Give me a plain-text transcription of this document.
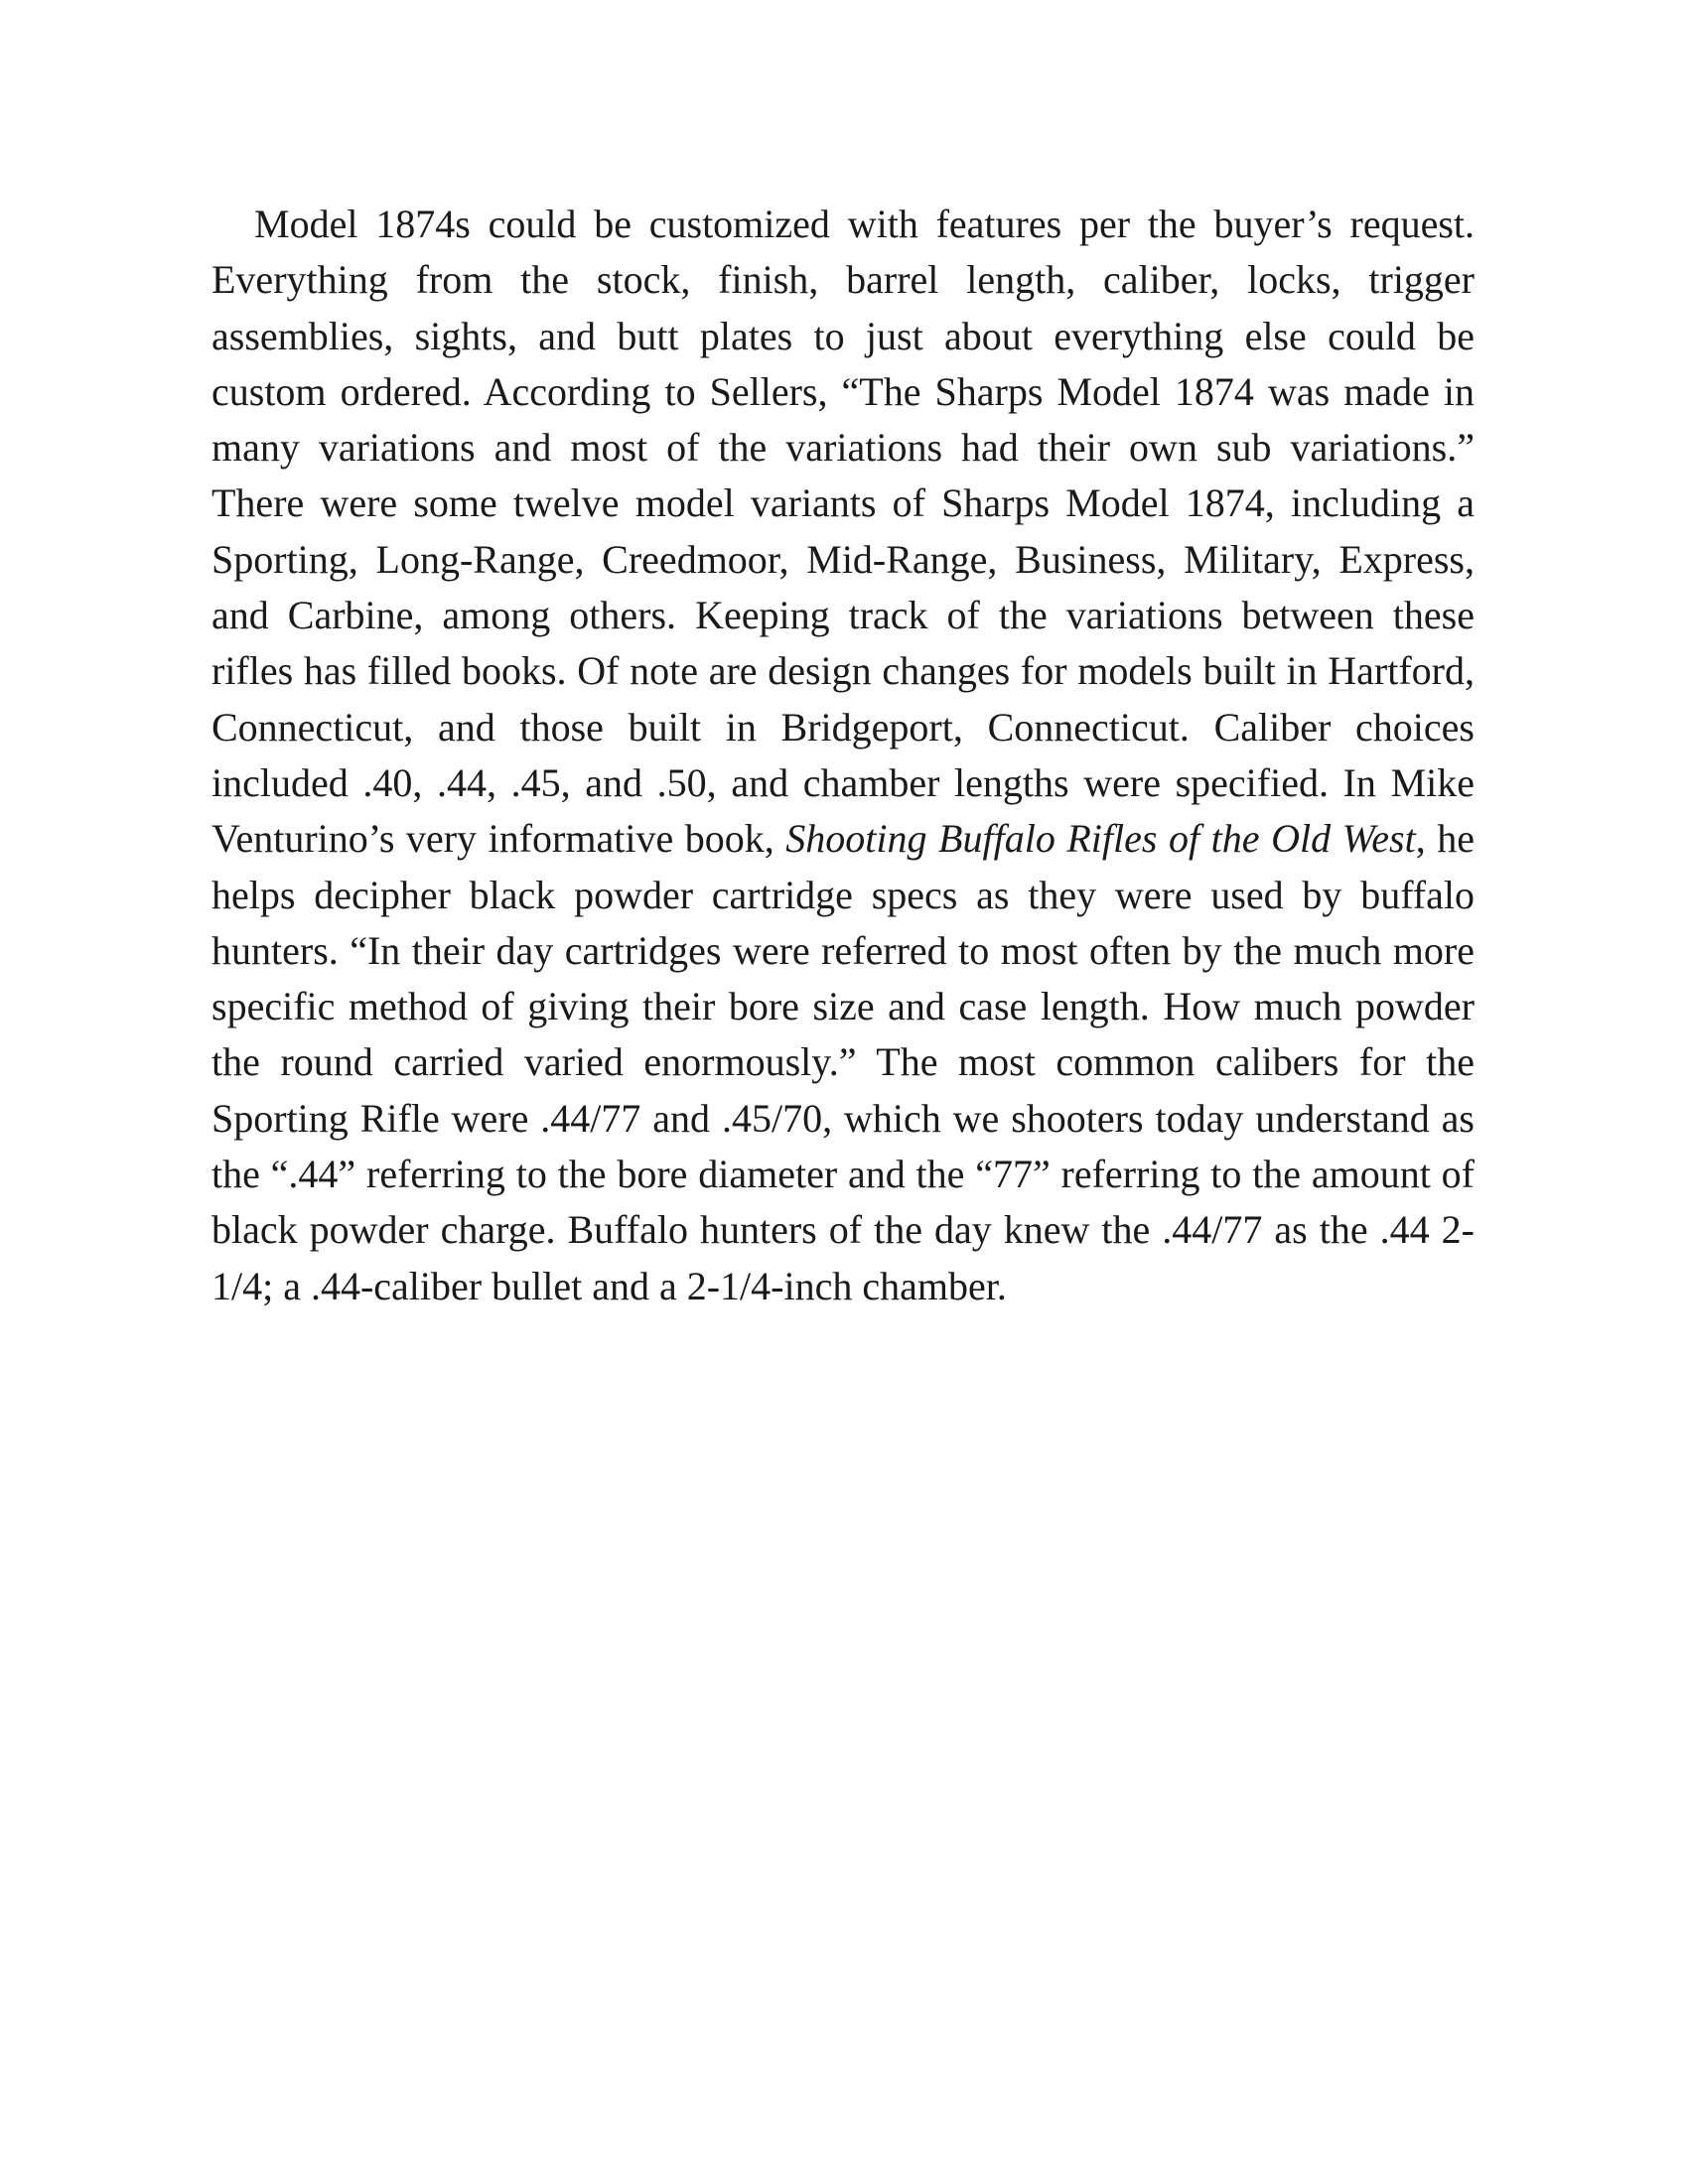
Model 1874s could be customized with features per the buyer’s request. Everything from the stock, finish, barrel length, caliber, locks, trigger assemblies, sights, and butt plates to just about everything else could be custom ordered. According to Sellers, “The Sharps Model 1874 was made in many variations and most of the variations had their own sub variations.” There were some twelve model variants of Sharps Model 1874, including a Sporting, Long-Range, Creedmoor, Mid-Range, Business, Military, Express, and Carbine, among others. Keeping track of the variations between these rifles has filled books. Of note are design changes for models built in Hartford, Connecticut, and those built in Bridgeport, Connecticut. Caliber choices included .40, .44, .45, and .50, and chamber lengths were specified. In Mike Venturino’s very informative book, Shooting Buffalo Rifles of the Old West, he helps decipher black powder cartridge specs as they were used by buffalo hunters. “In their day cartridges were referred to most often by the much more specific method of giving their bore size and case length. How much powder the round carried varied enormously.” The most common calibers for the Sporting Rifle were .44/77 and .45/70, which we shooters today understand as the “.44” referring to the bore diameter and the “77” referring to the amount of black powder charge. Buffalo hunters of the day knew the .44/77 as the .44 2-1/4; a .44-caliber bullet and a 2-1/4-inch chamber.
